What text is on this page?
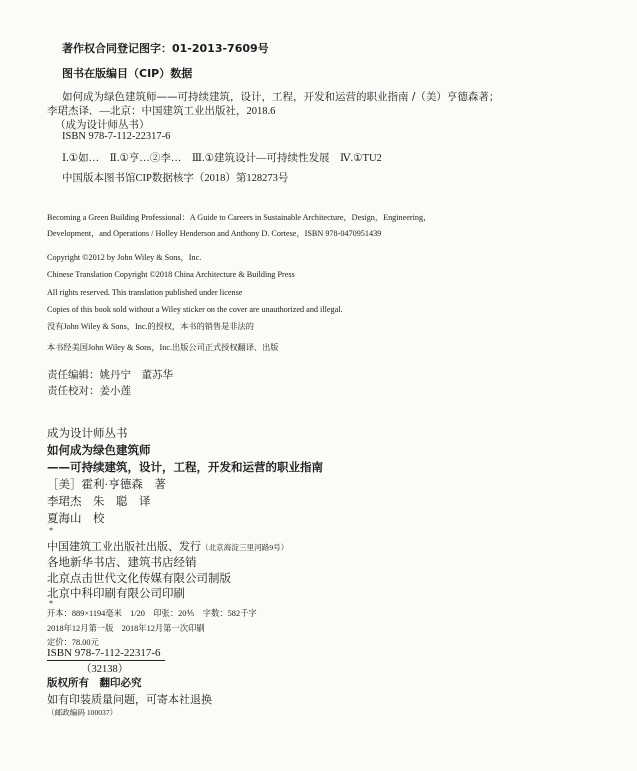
著作权合同登记图字：01-2013-7609号
图书在版编目（CIP）数据
如何成为绿色建筑师——可持续建筑，设计，工程，开发和运营的职业指南 /（美）亨德森著；
李珺杰译．—北京：中国建筑工业出版社，2018.6
（成为设计师丛书）
ISBN 978-7-112-22317-6
Ⅰ.①如…　Ⅱ.①亨…②李…　Ⅲ.①建筑设计—可持续性发展　Ⅳ.①TU2
中国版本图书馆CIP数据核字（2018）第128273号
Becoming a Green Building Professional：A Guide to Careers in Sustainable Architecture，Design，Engineering，
Development，and Operations / Holley Henderson and Anthony D. Cortese，ISBN 978-0470951439
Copyright ©2012 by John Wiley & Sons，Inc.
Chinese Translation Copyright ©2018 China Architecture & Building Press
All rights reserved. This translation published under license
Copies of this book sold without a Wiley sticker on the cover are unauthorized and illegal.
没有John Wiley & Sons，Inc.的授权，本书的销售是非法的
本书经美国John Wiley & Sons，Inc.出版公司正式授权翻译、出版
责任编辑：姚丹宁　董苏华
责任校对：姜小莲
成为设计师丛书
如何成为绿色建筑师
——可持续建筑，设计，工程，开发和运营的职业指南
［美］霍利·亨德森　著
李珺杰　朱　聪　译
夏海山　校
*
中国建筑工业出版社出版、发行（北京海淀三里河路9号）
各地新华书店、建筑书店经销
北京点击世代文化传媒有限公司制版
北京中科印刷有限公司印刷
*
开本：889×1194毫米　1/20　印张：20⅘　字数：582千字
2018年12月第一版　2018年12月第一次印刷
定价：78.00元
ISBN 978-7-112-22317-6
（32138）
版权所有　翻印必究
如有印装质量问题，可寄本社退换
（邮政编码 100037）
